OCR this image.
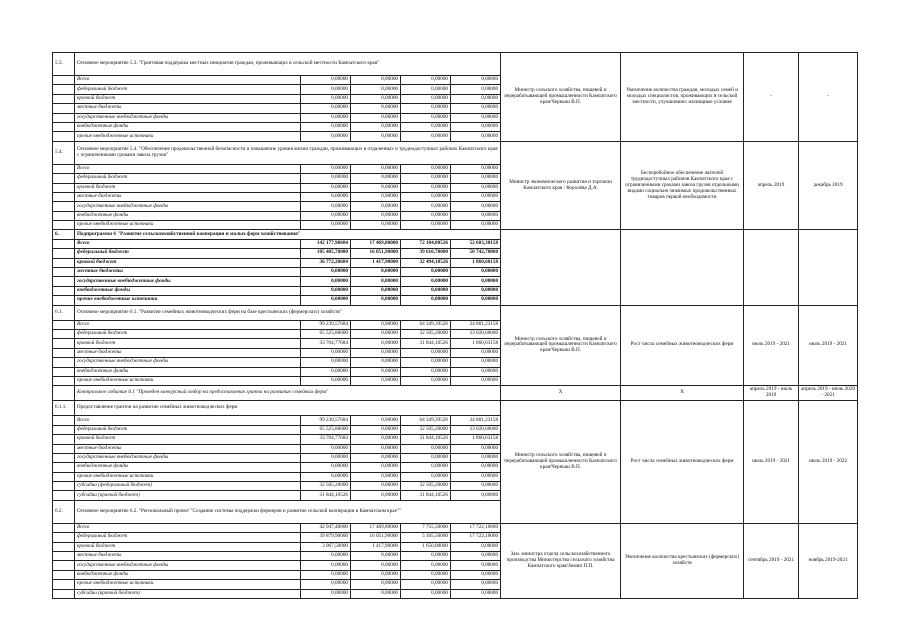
5.3.	Основное мероприятие 5.3. "Грантовая поддержка местных инициатив граждан, проживающих в сельской местности Камчатского края"					Министр сельского хозяйства, пищевой и перерабатывающей промышленности Камчатского края/Черныш В.П.	Увеличение количества граждан, молодых семей и молодых специалистов, проживающих в сельской местности, улучшивших жилищные условия	-	-
	Всего	0,00000	0,00000	0,00000	0,00000				
	федеральный бюджет	0,00000	0,00000	0,00000	0,00000				
	краевой бюджет	0,00000	0,00000	0,00000	0,00000				
	местные бюджеты	0,00000	0,00000	0,00000	0,00000				
	государственные внебюджетные фонды	0,00000	0,00000	0,00000	0,00000				
	внебюджетные фонды	0,00000	0,00000	0,00000	0,00000				
	прочие внебюджетные источники	0,00000	0,00000	0,00000	0,00000				
5.4.	Основное мероприятие 5.4. "Обеспечение продовольственной безопасности и повышение уровня жизни граждан, проживающих в отдаленных и труднодоступных районах Камчатского края с ограниченными сроками завоза грузов"					Министр экономического развития и торговли Камчатского края / Королёва Д.А.	Бесперебойное обеспечение жителей труднодоступных районов Камчатского края с ограниченными сроками завоза грузов отдельными видами социально значимых продовольственных товаров первой необходимости	апрель 2019	декабрь 2019
	Всего	0,00000	0,00000	0,00000	0,00000				
	федеральный бюджет	0,00000	0,00000	0,00000	0,00000				
	краевой бюджет	0,00000	0,00000	0,00000	0,00000				
	местные бюджеты	0,00000	0,00000	0,00000	0,00000				
	государственные внебюджетные фонды	0,00000	0,00000	0,00000	0,00000				
	внебюджетные фонды	0,00000	0,00000	0,00000	0,00000				
	прочие внебюджетные источники	0,00000	0,00000	0,00000	0,00000				
6.	Подпрограмма 6 "Развитие сельскохозяйственной кооперации и малых форм хозяйствования"								
	Всего	142 177,90684	17 469,80000	72 104,80526	52 603,30158				
	федеральный бюджет	105 405,70000	16 051,90000	39 610,70000	50 742,70000				
	краевой бюджет	36 772,20684	1 417,90000	32 494,10526	1 860,60158				
	местные бюджеты	0,00000	0,00000	0,00000	0,00000				
	государственные внебюджетные фонды	0,00000	0,00000	0,00000	0,00000				
	внебюджетные фонды	0,00000	0,00000	0,00000	0,00000				
	прочие внебюджетные источники	0,00000	0,00000	0,00000	0,00000				
6.1.	Основное мероприятие 6.1. "Развитие семейных животноводческих ферм на базе крестьянских (фермерских) хозяйств"					Министр сельского хозяйства, пищевой и перерабатывающей промышленности Камчатского края/Черныш В.П.	Рост числа семейных животноводческих ферм	июль 2019 - 2021	июль 2019 - 2021
	Всего	99 230,57684	0,00000	64 349,39526	34 881,23158				
	федеральный бюджет	65 525,80000	0,00000	32 505,20000	33 020,60000				
	краевой бюджет	33 704,77684	0,00000	31 844,10526	1 860,63158				
	местные бюджеты	0,00000	0,00000	0,00000	0,00000				
	государственные внебюджетные фонды	0,00000	0,00000	0,00000	0,00000				
	внебюджетные фонды	0,00000	0,00000	0,00000	0,00000				
	прочие внебюджетные источники	0,00000	0,00000	0,00000	0,00000				
	Контрольное событие 6.1 "Проведен конкурсный отбор на предоставление гранта на развитие семейных ферм"					X	X	апрель 2019 - июль 2019	апрель 2019 - июль 2020 - 2021
6.1.1.	Предоставление грантов на развитие семейных животноводческих ферм					Министр сельского хозяйства, пищевой и перерабатывающей промышленности Камчатского края/Черныш В.П.	Рост числа семейных животноводческих ферм	июль 2019 - 2021	июль 2019 - 2022
	Всего	99 230,57684	0,00000	64 349,39526	34 881,23158				
	федеральный бюджет	65 525,80000	0,00000	32 505,20000	33 020,60000				
	краевой бюджет	33 704,77684	0,00000	31 844,10526	1 860,63158				
	местные бюджеты	0,00000	0,00000	0,00000	0,00000				
	государственные внебюджетные фонды	0,00000	0,00000	0,00000	0,00000				
	внебюджетные фонды	0,00000	0,00000	0,00000	0,00000				
	прочие внебюджетные источники	0,00000	0,00000	0,00000	0,00000				
	субсидии (федеральный бюджет)	32 505,20000	0,00000	32 505,20000	0,00000				
	субсидии (краевой бюджет)	31 844,10526	0,00000	31 844,10526	0,00000				
6.2.	Основное мероприятие 6.2. "Региональный проект "Создание системы поддержки фермеров и развитие сельской кооперации в Камчатском крае""								
	Всего	42 947,40000	17 469,80000	7 755,50000	17 722,10000	Зам. министра отдела сельскохозяйственного производства Министерства сельского хозяйства Камчатского края/Зимин П.П.	Увеличение количества крестьянских (фермерских) хозяйств	сентябрь 2019 - 2021	ноябрь 2019-2021
	федеральный бюджет	39 879,90000	16 051,90000	5 105,50000	17 722,10000				
	краевой бюджет	3 067,50000	1 417,90000	1 650,00000	0,00000				
	местные бюджеты	0,00000	0,00000	0,00000	0,00000				
	государственные внебюджетные фонды	0,00000	0,00000	0,00000	0,00000				
	внебюджетные фонды	0,00000	0,00000	0,00000	0,00000				
	прочие внебюджетные источники	0,00000	0,00000	0,00000	0,00000				
	субсидии (краевой бюджет)	0,00000	0,00000	0,00000	0,00000				
